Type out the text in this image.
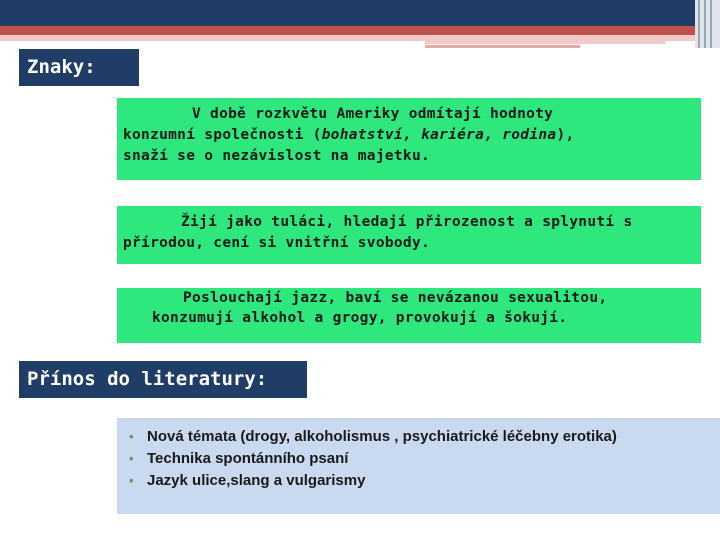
Znaky:
V době rozkvětu Ameriky odmítají hodnoty
konzumní společnosti (bohatství, kariéra, rodina),
snaží se o nezávislost na majetku.
Žijí jako tuláci, hledají přirozenost a splynutí s
přírodou, cení si vnitřní svobody.
Poslouchají jazz, baví se nevázanou sexualitou,
konzumují alkohol a grogy, provokují a šokují.
Přínos do literatury:
• Nová témata (drogy, alkoholismus , psychiatrické léčebny erotika)
• Technika spontánního psaní
• Jazyk ulice,slang a vulgarismy
